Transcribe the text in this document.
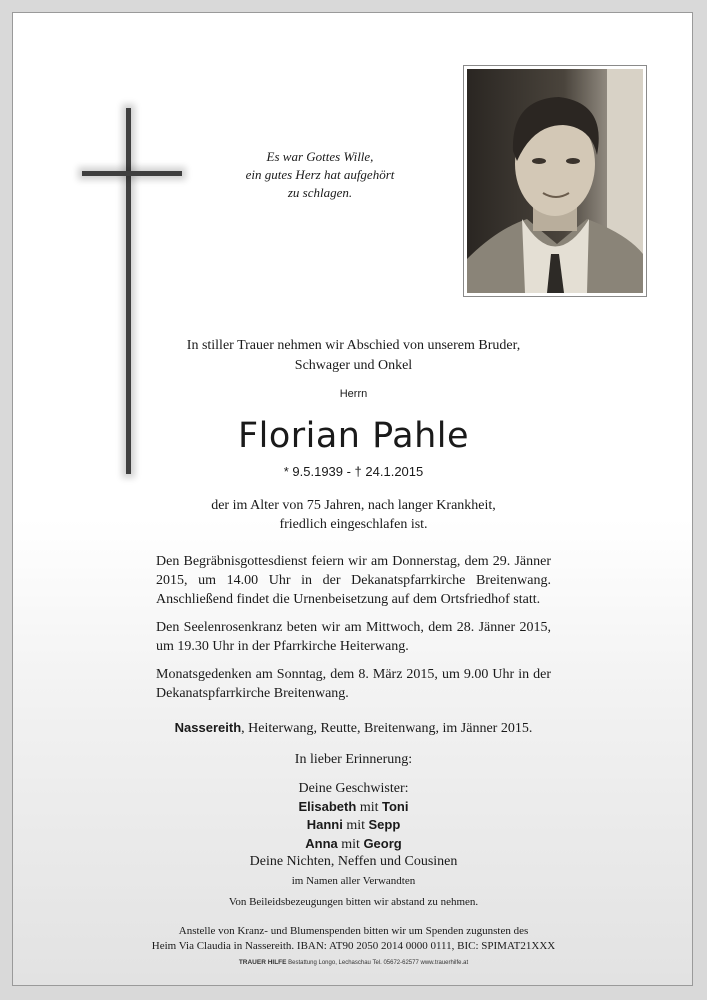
Es war Gottes Wille,
ein gutes Herz hat aufgehört
zu schlagen.
In stiller Trauer nehmen wir Abschied von unserem Bruder,
Schwager und Onkel
Herrn
Florian Pahle
* 9.5.1939 - † 24.1.2015
der im Alter von 75 Jahren, nach langer Krankheit,
friedlich eingeschlafen ist.

Den Begräbnisgottesdienst feiern wir am Donnerstag, dem 29. Jänner 2015, um 14.00 Uhr in der Dekanatspfarrkirche Breitenwang. Anschließend findet die Urnenbeisetzung auf dem Ortsfriedhof statt.

Den Seelenrosenkranz beten wir am Mittwoch, dem 28. Jänner 2015, um 19.30 Uhr in der Pfarrkirche Heiterwang.

Monatsgedenken am Sonntag, dem 8. März 2015, um 9.00 Uhr in der Dekanatspfarrkirche Breitenwang.

Nassereith, Heiterwang, Reutte, Breitenwang, im Jänner 2015.
In lieber Erinnerung:
Deine Geschwister:
Elisabeth mit Toni
Hanni mit Sepp
Anna mit Georg
Deine Nichten, Neffen und Cousinen
im Namen aller Verwandten
Von Beileidsbezeugungen bitten wir abstand zu nehmen.
Anstelle von Kranz- und Blumenspenden bitten wir um Spenden zugunsten des
Heim Via Claudia in Nassereith. IBAN: AT90 2050 2014 0000 0111, BIC: SPIMAT21XXX
TRAUER HILFE Bestattung Longo, Lechaschau Tel. 05672-62577 www.trauerhilfe.at
